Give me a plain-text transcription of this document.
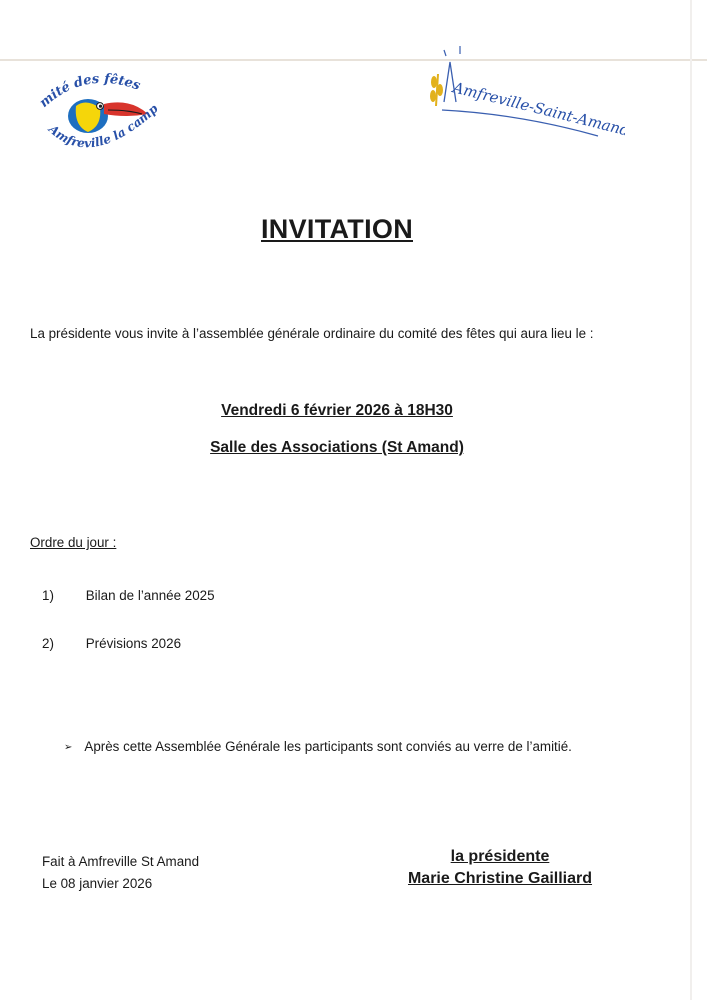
mité des fêtes
Amfreville la camp	Amfreville-Saint-Amand
INVITATION
La présidente vous invite à l’assemblée générale ordinaire du comité des fêtes qui aura lieu le :
Vendredi 6 février 2026 à 18H30
Salle des Associations (St Amand)
Ordre du jour :
1) Bilan de l’année 2025
2) Prévisions 2026
➢ Après cette Assemblée Générale les participants sont conviés au verre de l’amitié.
Fait à Amfreville St Amand
Le 08 janvier 2026
la présidente
Marie Christine Gailliard
